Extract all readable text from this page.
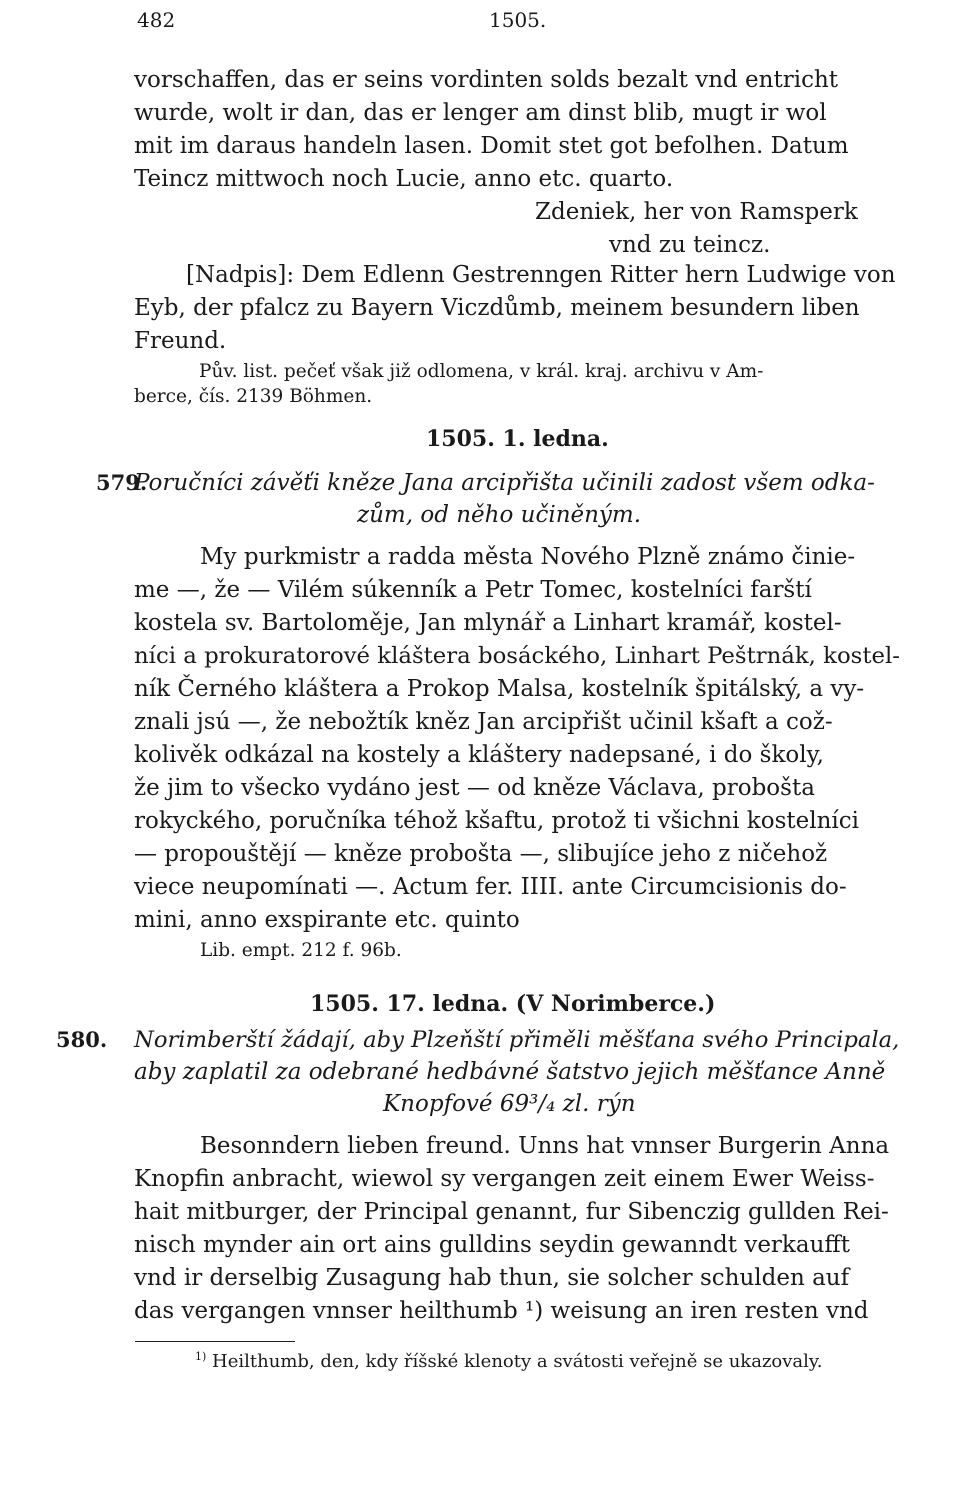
482	1505.
vorschaffen, das er seins vordinten solds bezalt vnd entricht
wurde, wolt ir dan, das er lenger am dinst blib, mugt ir wol
mit im daraus handeln lasen. Domit stet got befolhen. Datum
Teincz mittwoch noch Lucie, anno etc. quarto.
Zdeniek, her von Ramsperk
vnd zu teincz.
[Nadpis]: Dem Edlenn Gestrenngen Ritter hern Ludwige von
Eyb, der pfalcz zu Bayern Viczdůmb, meinem besundern liben
Freund.
Pův. list. pečeť však již odlomena, v král. kraj. archivu v Am-
berce, čís. 2139 Böhmen.
1505. 1. ledna.
579.
Poručníci závěťi kněze Jana arcipřišta učinili zadost všem odka-
zům, od něho učiněným.
My purkmistr a radda města Nového Plzně známo činie-
me —, že — Vilém súkenník a Petr Tomec, kostelníci farští
kostela sv. Bartoloměje, Jan mlynář a Linhart kramář, kostel-
níci a prokuratorové kláštera bosáckého, Linhart Peštrnák, kostel-
ník Černého kláštera a Prokop Malsa, kostelník špitálský, a vy-
znali jsú —, že nebožtík kněz Jan arcipřišt učinil kšaft a což-
kolivěk odkázal na kostely a kláštery nadepsané, i do školy,
že jim to všecko vydáno jest — od kněze Václava, probošta
rokyckého, poručníka téhož kšaftu, protož ti všichni kostelníci
— propouštějí — kněze probošta —, slibujíce jeho z ničehož
viece neupomínati —. Actum fer. IIII. ante Circumcisionis do-
mini, anno exspirante etc. quinto
Lib. empt. 212 f. 96b.
1505. 17. ledna. (V Norimberce.)
580. Norimberští žádají, aby Plzeňští přiměli měšťana svého Principala,
aby zaplatil za odebrané hedbávné šatstvo jejich měšťance Anně
Knopfové 69³/₄ zl. rýn
Besonndern lieben freund. Unns hat vnnser Burgerin Anna
Knopfin anbracht, wiewol sy vergangen zeit einem Ewer Weiss-
hait mitburger, der Principal genannt, fur Sibenczig gullden Rei-
nisch mynder ain ort ains gulldins seydin gewanndt verkaufft
vnd ir derselbig Zusagung hab thun, sie solcher schulden auf
das vergangen vnnser heilthumb ¹) weisung an iren resten vnd
$^{1)}$ Heilthumb, den, kdy říšské klenoty a svátosti veřejně se ukazovaly.
